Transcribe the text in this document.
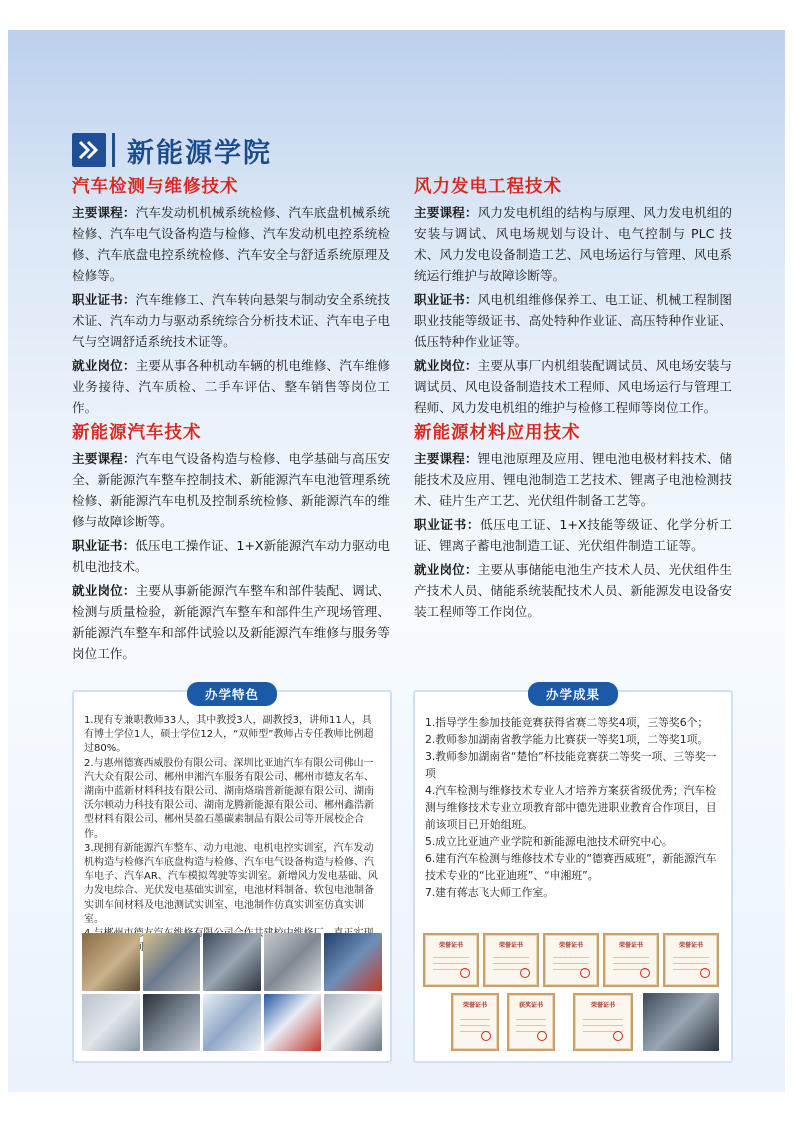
新能源学院
汽车检测与维修技术

主要课程：汽车发动机机械系统检修、汽车底盘机械系统检修、汽车电气设备构造与检修、汽车发动机电控系统检修、汽车底盘电控系统检修、汽车安全与舒适系统原理及检修等。

职业证书：汽车维修工、汽车转向悬架与制动安全系统技术证、汽车动力与驱动系统综合分析技术证、汽车电子电气与空调舒适系统技术证等。

就业岗位：主要从事各种机动车辆的机电维修、汽车维修业务接待、汽车质检、二手车评估、整车销售等岗位工作。

新能源汽车技术

主要课程：汽车电气设备构造与检修、电学基础与高压安全、新能源汽车整车控制技术、新能源汽车电池管理系统检修、新能源汽车电机及控制系统检修、新能源汽车的维修与故障诊断等。

职业证书：低压电工操作证、1+X新能源汽车动力驱动电机电池技术。

就业岗位：主要从事新能源汽车整车和部件装配、调试、检测与质量检验，新能源汽车整车和部件生产现场管理、新能源汽车整车和部件试验以及新能源汽车维修与服务等岗位工作。

风力发电工程技术

主要课程：风力发电机组的结构与原理、风力发电机组的安装与调试、风电场规划与设计、电气控制与 PLC 技术、风力发电设备制造工艺、风电场运行与管理、风电系统运行维护与故障诊断等。

职业证书：风电机组维修保养工、电工证、机械工程制图职业技能等级证书、高处特种作业证、高压特种作业证、低压特种作业证等。

就业岗位：主要从事厂内机组装配调试员、风电场安装与调试员、风电设备制造技术工程师、风电场运行与管理工程师、风力发电机组的维护与检修工程师等岗位工作。

新能源材料应用技术

主要课程：锂电池原理及应用、锂电池电极材料技术、储能技术及应用、锂电池制造工艺技术、锂离子电池检测技术、硅片生产工艺、光伏组件制备工艺等。

职业证书：低压电工证、1+X技能等级证、化学分析工证、锂离子蓄电池制造工证、光伏组件制造工证等。

就业岗位：主要从事储能电池生产技术人员、光伏组件生产技术人员、储能系统装配技术人员、新能源发电设备安装工程师等工作岗位。

办学特色

1.现有专兼职教师33人，其中教授3人，副教授3，讲师11人，具有博士学位1人，硕士学位12人，“双师型”教师占专任教师比例超过80%。

2.与惠州德赛西威股份有限公司、深圳比亚迪汽车有限公司佛山一汽大众有限公司、郴州申湘汽车服务有限公司、郴州市德友名车、湖南中蓝新材料科技有限公司、湖南烙瑞普新能源有限公司、湖南沃尔顿动力科技有限公司、湖南龙腾新能源有限公司、郴州鑫浩新型材料有限公司、郴州昊盈石墨碳素制品有限公司等开展校企合作。

3.现拥有新能源汽车整车、动力电池、电机电控实训室，汽车发动机构造与检修汽车底盘构造与检修、汽车电气设备构造与检修、汽车电子、汽车AR、汽车模拟驾驶等实训室。新增风力发电基础、风力发电综合、光伏发电基础实训室，电池材料制备、软包电池制备实训车间材料及电池测试实训室、电池制作仿真实训室仿真实训室。

办学成果

1.指导学生参加技能竞赛获得省赛二等奖4项，三等奖6个；

2.教师参加湖南省教学能力比赛获一等奖1项，二等奖1项。

3.教师参加湖南省“楚怡”杯技能竞赛获二等奖一项、三等奖一项

4.汽车检测与维修技术专业人才培养方案获省级优秀；汽车检测与维修技术专业立项教育部中德先进职业教育合作项目，目前该项目已开始组班。

5.成立比亚迪产业学院和新能源电池技术研究中心。

6.建有汽车检测与维修技术专业的“德赛西威班”，新能源汽车技术专业的“比亚迪班”、“申湘班”。

7.建有蒋志飞大师工作室。

荣誉证书	荣誉证书	荣誉证书	荣誉证书	荣誉证书
荣誉证书	获奖证书	荣誉证书
